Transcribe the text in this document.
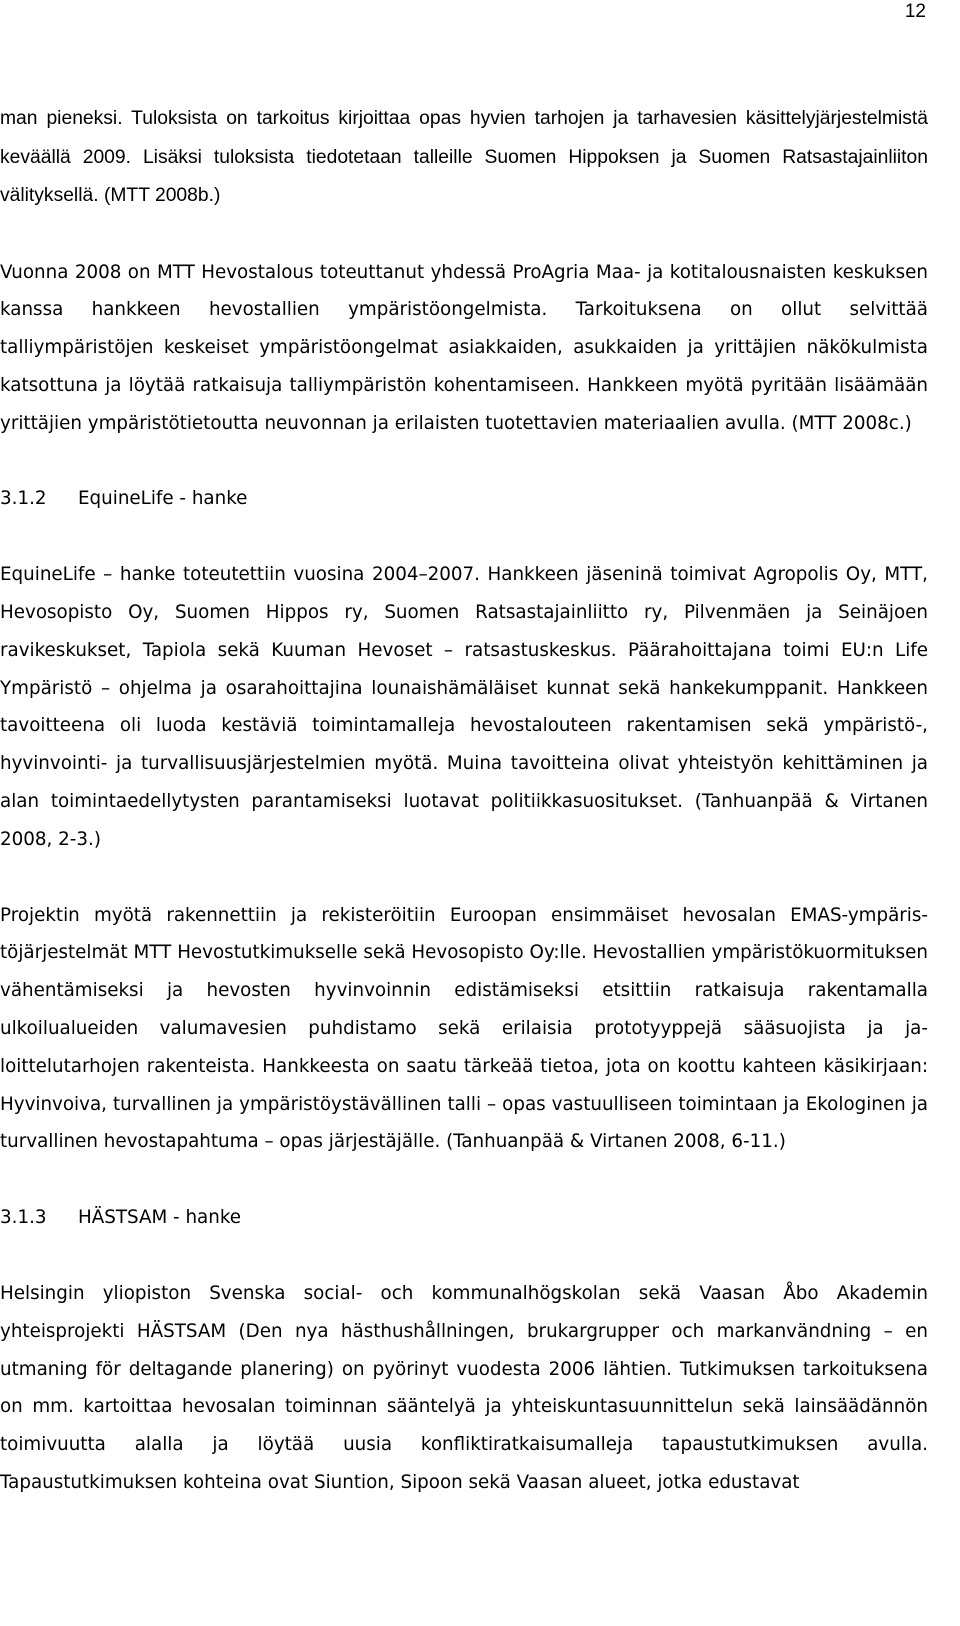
12

man pieneksi. Tuloksista on tarkoitus kirjoittaa opas hyvien tarhojen ja tarhavesien käsittelyjärjestelmistä keväällä 2009. Lisäksi tuloksista tiedotetaan talleille Suomen Hippoksen ja Suomen Ratsastajainliiton välityksellä. (MTT 2008b.)

Vuonna 2008 on MTT Hevostalous toteuttanut yhdessä ProAgria Maa- ja kotitalousnaisten keskuksen kanssa hankkeen hevostallien ympäristöongelmista. Tarkoituksena on ollut selvittää talliympäristöjen keskeiset ympäristöongelmat asiakkaiden, asukkaiden ja yrittäjien näkökulmista katsottuna ja löytää ratkaisuja talliympäristön kohentamiseen. Hankkeen myötä pyritään lisäämään yrittäjien ympäristötietoutta neuvonnan ja erilaisten tuotettavien materiaalien avulla. (MTT 2008c.)

3.1.2 EquineLife - hanke

EquineLife – hanke toteutettiin vuosina 2004–2007. Hankkeen jäseninä toimivat Agropolis Oy, MTT, Hevosopisto Oy, Suomen Hippos ry, Suomen Ratsastajainliitto ry, Pilvenmäen ja Seinäjoen ravikeskukset, Tapiola sekä Kuuman Hevoset – ratsastuskeskus. Päärahoittajana toimi EU:n Life Ympäristö – ohjelma ja osarahoittajina lounaishämäläiset kunnat sekä hankekumppanit. Hankkeen tavoitteena oli luoda kestäviä toimintamalleja hevostalouteen rakentamisen sekä ympäristö-, hyvinvointi- ja turvallisuusjärjestelmien myötä. Muina tavoitteina olivat yhteistyön kehittäminen ja alan toimintaedellytysten parantamiseksi luotavat politiikkasuositukset. (Tanhuanpää & Virtanen 2008, 2-3.)

Projektin myötä rakennettiin ja rekisteröitiin Euroopan ensimmäiset hevosalan EMAS-ympäristöjärjestelmät MTT Hevostutkimukselle sekä Hevosopisto Oy:lle. Hevostallien ympäristökuormituksen vähentämiseksi ja hevosten hyvinvoinnin edistämiseksi etsittiin ratkaisuja rakentamalla ulkoilualueiden valumavesien puhdistamo sekä erilaisia prototyyppejä sääsuojista ja jaloittelutarhojen rakenteista. Hankkeesta on saatu tärkeää tietoa, jota on koottu kahteen käsikirjaan: Hyvinvoiva, turvallinen ja ympäristöystävällinen talli – opas vastuulliseen toimintaan ja Ekologinen ja turvallinen hevostapahtuma – opas järjestäjälle. (Tanhuanpää & Virtanen 2008, 6-11.)

3.1.3 HÄSTSAM - hanke

Helsingin yliopiston Svenska social- och kommunalhögskolan sekä Vaasan Åbo Akademin yhteisprojekti HÄSTSAM (Den nya hästhushållningen, brukargrupper och markanvändning – en utmaning för deltagande planering) on pyörinyt vuodesta 2006 lähtien. Tutkimuksen tarkoituksena on mm. kartoittaa hevosalan toiminnan sääntelyä ja yhteiskuntasuunnittelun sekä lainsäädännön toimivuutta alalla ja löytää uusia konfliktiratkaisumalleja tapaustutkimuksen avulla. Tapaustutkimuksen kohteina ovat Siuntion, Sipoon sekä Vaasan alueet, jotka edustavat
